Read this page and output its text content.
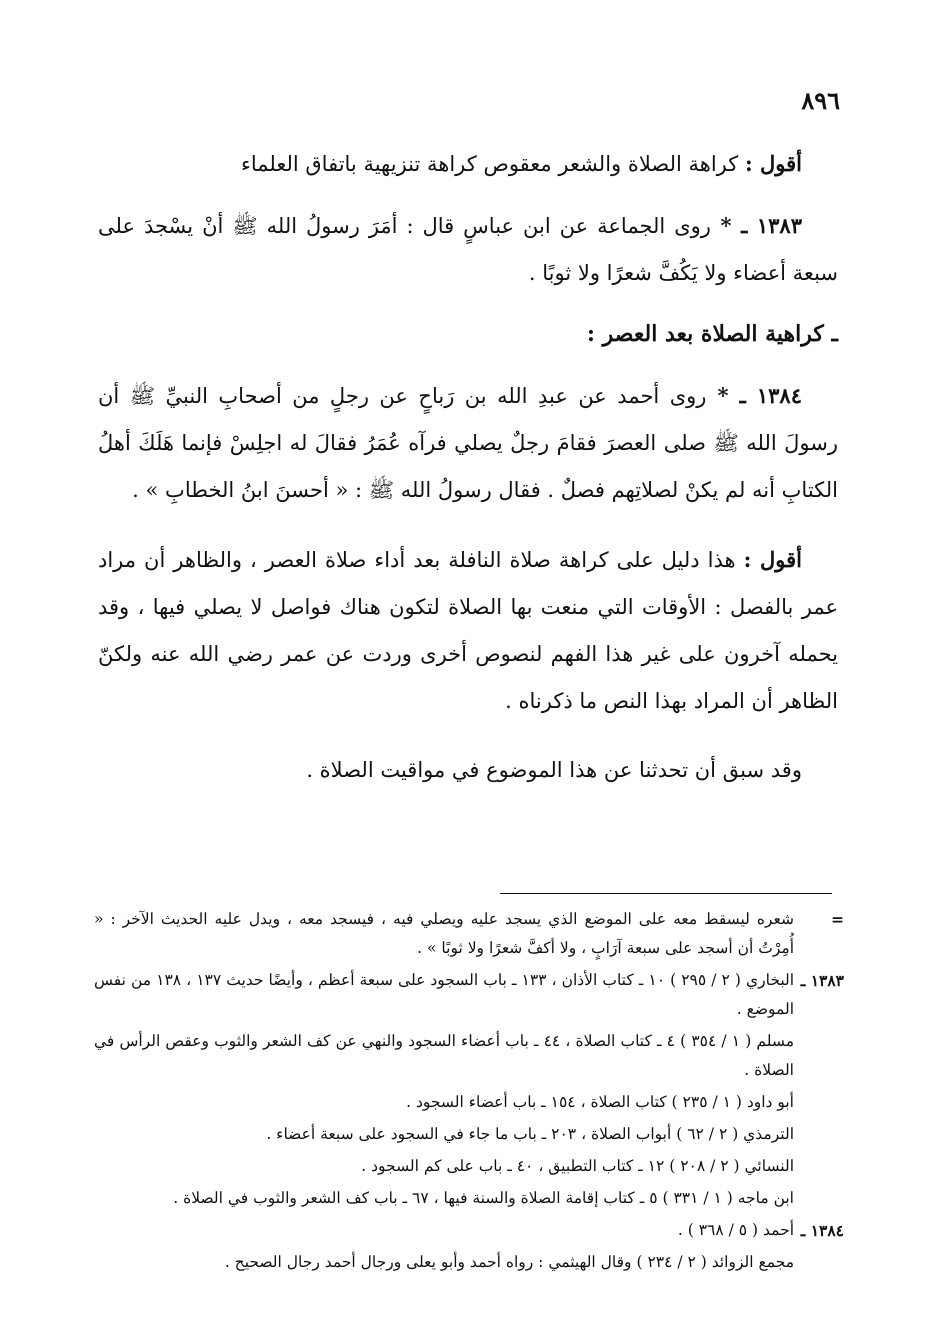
٨٩٦

أقول : كراهة الصلاة والشعر معقوص كراهة تنزيهية باتفاق العلماء

١٣٨٣ ـ * روى الجماعة عن ابن عباسٍ قال : أمَرَ رسولُ الله ﷺ أنْ يسْجدَ على سبعة أعضاء ولا يَكُفَّ شعرًا ولا ثوبًا .

ـ كراهية الصلاة بعد العصر :

١٣٨٤ ـ * روى أحمد عن عبدِ الله بن رَباحٍ عن رجلٍ من أصحابِ النبيِّ ﷺ أن رسولَ الله ﷺ صلى العصرَ فقامَ رجلٌ يصلي فرآه عُمَرُ فقالَ له اجلِسْ فإنما هَلَكَ أهلُ الكتابِ أنه لم يكنْ لصلاتِهم فصلٌ . فقال رسولُ الله ﷺ : « أحسنَ ابنُ الخطابِ » .

أقول : هذا دليل على كراهة صلاة النافلة بعد أداء صلاة العصر ، والظاهر أن مراد عمر بالفصل : الأوقات التي منعت بها الصلاة لتكون هناك فواصل لا يصلي فيها ، وقد يحمله آخرون على غير هذا الفهم لنصوص أخرى وردت عن عمر رضي الله عنه ولكنّ الظاهر أن المراد بهذا النص ما ذكرناه .

وقد سبق أن تحدثنا عن هذا الموضوع في مواقيت الصلاة .

=
شعره ليسقط معه على الموضع الذي يسجد عليه ويصلي فيه ، فيسجد معه ، ويدل عليه الحديث الآخر : « أُمِرْتُ أن أسجد على سبعة آرَابٍ ، ولا أكفَّ شعرًا ولا ثوبًا » .
١٣٨٣ ـ
البخاري ( ٢ / ٢٩٥ ) ١٠ ـ كتاب الأذان ، ١٣٣ ـ باب السجود على سبعة أعظم ، وأيضًا حديث ١٣٧ ، ١٣٨ من نفس الموضع .
مسلم ( ١ / ٣٥٤ ) ٤ ـ كتاب الصلاة ، ٤٤ ـ باب أعضاء السجود والنهي عن كف الشعر والثوب وعقص الرأس في الصلاة .
أبو داود ( ١ / ٢٣٥ ) كتاب الصلاة ، ١٥٤ ـ باب أعضاء السجود .
الترمذي ( ٢ / ٦٢ ) أبواب الصلاة ، ٢٠٣ ـ باب ما جاء في السجود على سبعة أعضاء .
النسائي ( ٢ / ٢٠٨ ) ١٢ ـ كتاب التطبيق ، ٤٠ ـ باب على كم السجود .
ابن ماجه ( ١ / ٣٣١ ) ٥ ـ كتاب إقامة الصلاة والسنة فيها ، ٦٧ ـ باب كف الشعر والثوب في الصلاة .
١٣٨٤ ـ
أحمد ( ٥ / ٣٦٨ ) .
مجمع الزوائد ( ٢ / ٢٣٤ ) وقال الهيثمي : رواه أحمد وأبو يعلى ورجال أحمد رجال الصحيح .
